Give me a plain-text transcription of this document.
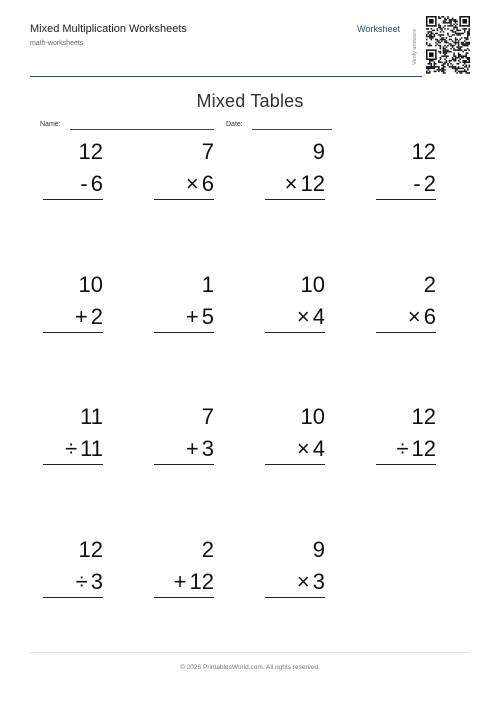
Mixed Multiplication Worksheets
math-worksheets
Worksheet
Verify answers
Mixed Tables
Name:	Date:
12
- 6
7
× 6
9
× 12
12
- 2
10
+ 2
1
+ 5
10
× 4
2
× 6
11
÷ 11
7
+ 3
10
× 4
12
÷ 12
12
÷ 3
2
+ 12
9
× 3
© 2026 PrintablesWorld.com. All rights reserved.
